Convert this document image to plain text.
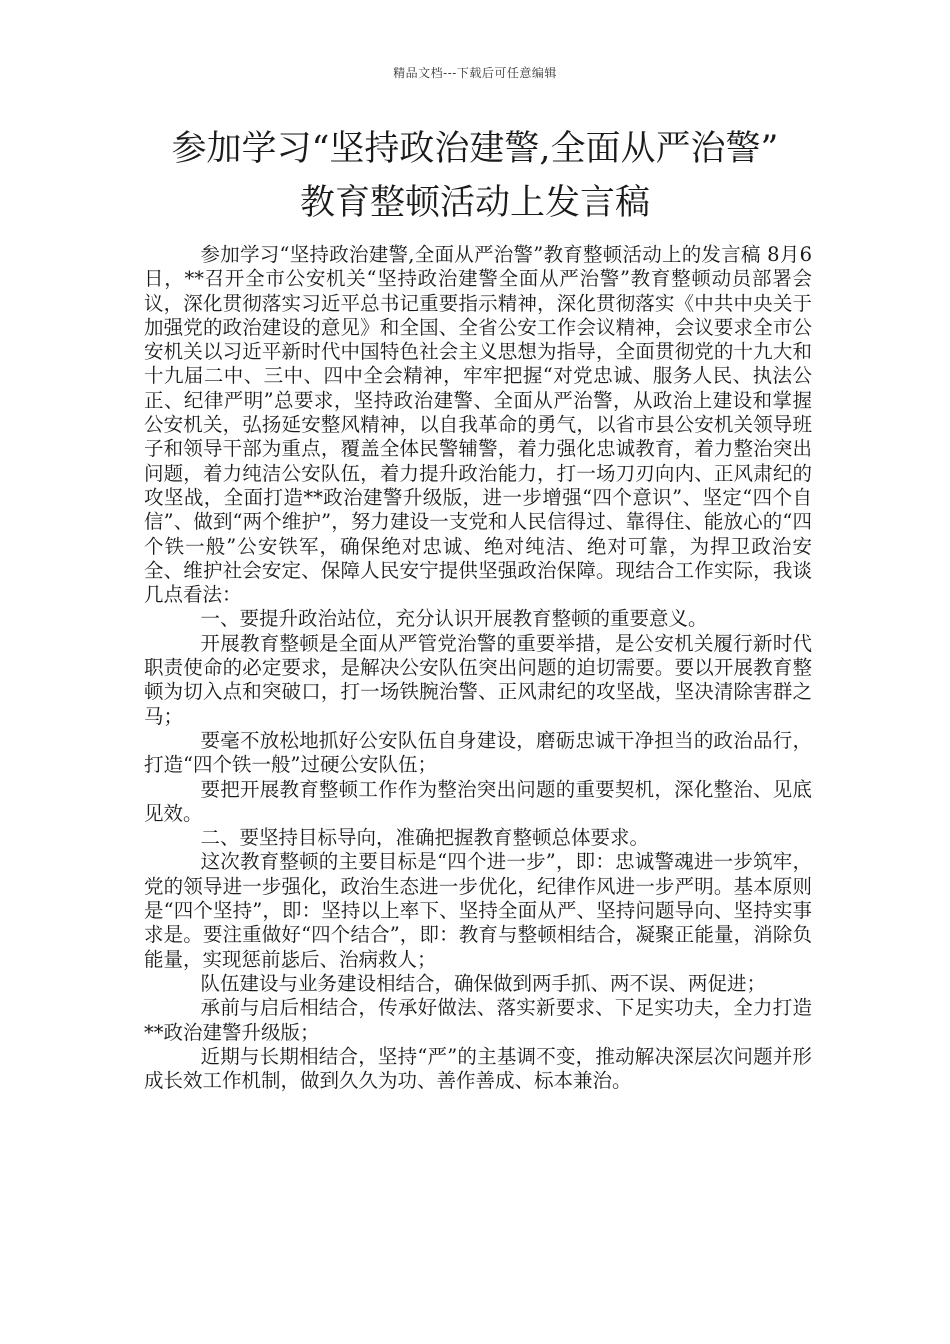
精品文档---下载后可任意编辑
参加学习“坚持政治建警,全面从严治警”
教育整顿活动上发言稿

参加学习“坚持政治建警,全面从严治警”教育整顿活动上的发言稿 8月6日，**召开全市公安机关“坚持政治建警全面从严治警”教育整顿动员部署会议，深化贯彻落实习近平总书记重要指示精神，深化贯彻落实《中共中央关于加强党的政治建设的意见》和全国、全省公安工作会议精神，会议要求全市公安机关以习近平新时代中国特色社会主义思想为指导，全面贯彻党的十九大和十九届二中、三中、四中全会精神，牢牢把握“对党忠诚、服务人民、执法公正、纪律严明”总要求，坚持政治建警、全面从严治警，从政治上建设和掌握公安机关，弘扬延安整风精神，以自我革命的勇气，以省市县公安机关领导班子和领导干部为重点，覆盖全体民警辅警，着力强化忠诚教育，着力整治突出问题，着力纯洁公安队伍，着力提升政治能力，打一场刀刃向内、正风肃纪的攻坚战，全面打造**政治建警升级版，进一步增强“四个意识”、坚定“四个自信”、做到“两个维护”，努力建设一支党和人民信得过、靠得住、能放心的“四个铁一般”公安铁军，确保绝对忠诚、绝对纯洁、绝对可靠，为捍卫政治安全、维护社会安定、保障人民安宁提供坚强政治保障。现结合工作实际，我谈几点看法：

一、要提升政治站位，充分认识开展教育整顿的重要意义。

开展教育整顿是全面从严管党治警的重要举措，是公安机关履行新时代职责使命的必定要求，是解决公安队伍突出问题的迫切需要。要以开展教育整顿为切入点和突破口，打一场铁腕治警、正风肃纪的攻坚战，坚决清除害群之马；

要毫不放松地抓好公安队伍自身建设，磨砺忠诚干净担当的政治品行，打造“四个铁一般”过硬公安队伍；

要把开展教育整顿工作作为整治突出问题的重要契机，深化整治、见底见效。

二、要坚持目标导向，准确把握教育整顿总体要求。

这次教育整顿的主要目标是“四个进一步”，即：忠诚警魂进一步筑牢，党的领导进一步强化，政治生态进一步优化，纪律作风进一步严明。基本原则是“四个坚持”，即：坚持以上率下、坚持全面从严、坚持问题导向、坚持实事求是。要注重做好“四个结合”，即：教育与整顿相结合，凝聚正能量，消除负能量，实现惩前毖后、治病救人；

队伍建设与业务建设相结合，确保做到两手抓、两不误、两促进；

承前与启后相结合，传承好做法、落实新要求、下足实功夫，全力打造**政治建警升级版；

近期与长期相结合，坚持“严”的主基调不变，推动解决深层次问题并形成长效工作机制，做到久久为功、善作善成、标本兼治。
